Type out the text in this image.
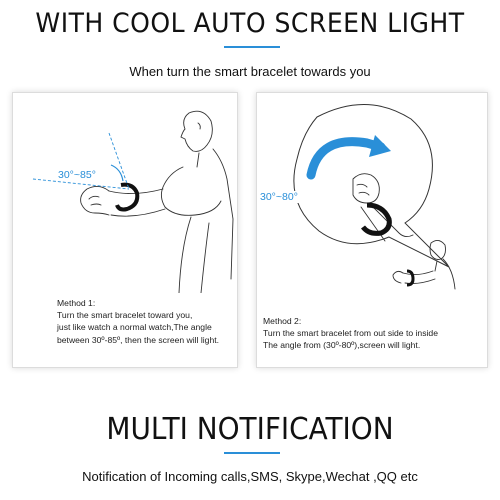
WITH COOL AUTO SCREEN LIGHT
When turn the smart bracelet towards you
30°~85°
Method 1:
Turn the smart bracelet toward you,
just like watch a normal watch,The angle
between 30º-85º, then the screen will light.
30°~80°
Method 2:
Turn the smart bracelet from out side to inside
The angle from (30º-80º),screen will light.
MULTI NOTIFICATION
Notification of Incoming calls,SMS, Skype,Wechat ,QQ etc
